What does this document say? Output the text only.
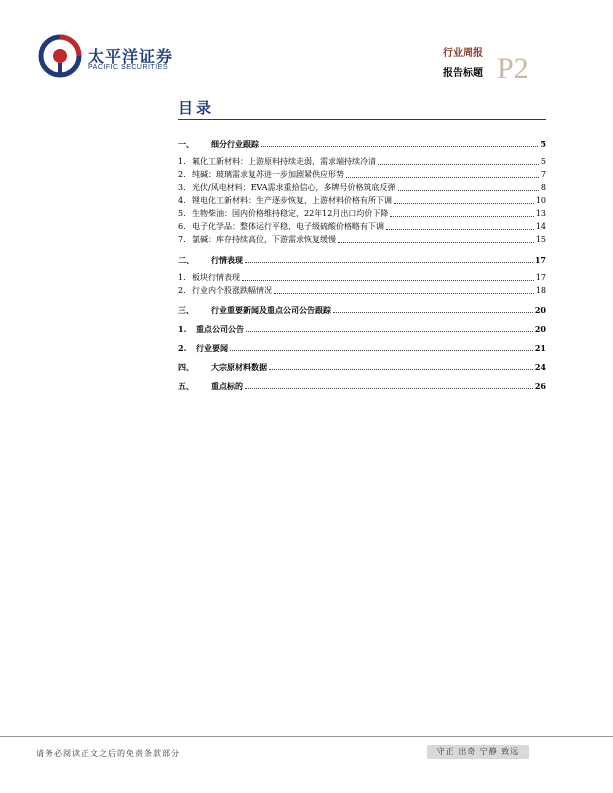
太平洋证券
PACIFIC SECURITIES
行业周报
报告标题 P2
目录
一、	细分行业跟踪	5
1. 氟化工新材料：上游原料持续走弱，需求端持续冷清	5
2. 纯碱：玻璃需求复苏进一步加剧紧供应形势	7
3. 光伏/风电材料：EVA需求重拾信心，多牌号价格筑底反弹	8
4. 锂电化工新材料：生产逐步恢复，上游材料价格有所下调	10
5. 生物柴油：国内价格维持稳定，22年12月出口均价下降	13
6. 电子化学品：整体运行平稳，电子级硫酸价格略有下调	14
7. 氯碱：库存持续高位，下游需求恢复缓慢	15
二、	行情表现	17
1. 板块行情表现	17
2. 行业内个股涨跌幅情况	18
三、	行业重要新闻及重点公司公告跟踪	20
1.	重点公司公告	20
2.	行业要闻	21
四、	大宗原材料数据	24
五、	重点标的	26
请务必阅读正文之后的免责条款部分	守正 出奇 宁静 致远
